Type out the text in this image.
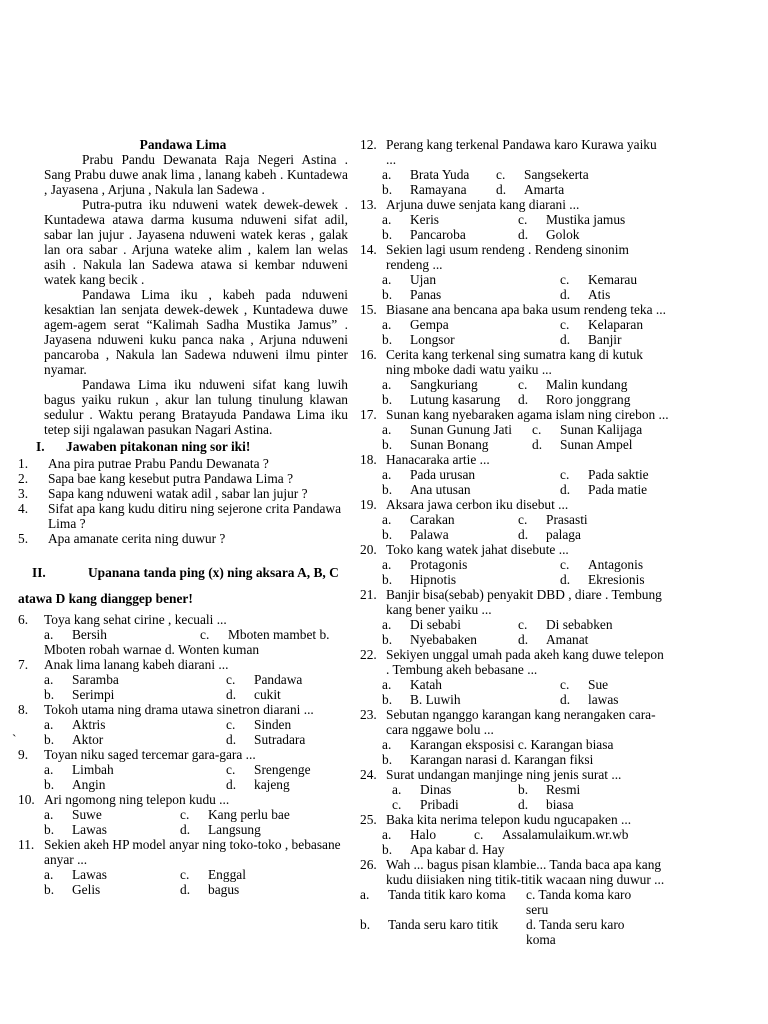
Pandawa Lima

Prabu Pandu Dewanata Raja Negeri Astina . Sang Prabu duwe anak lima , lanang kabeh . Kuntadewa , Jayasena , Arjuna , Nakula lan Sadewa .

Putra-putra iku nduweni watek dewek-dewek . Kuntadewa atawa darma kusuma nduweni sifat adil, sabar lan jujur . Jayasena nduweni watek keras , galak lan ora sabar . Arjuna wateke alim , kalem lan welas asih . Nakula lan Sadewa atawa si kembar nduweni watek kang becik .

Pandawa Lima iku , kabeh pada nduweni kesaktian lan senjata dewek-dewek , Kuntadewa duwe agem-agem serat “Kalimah Sadha Mustika Jamus” . Jayasena nduweni kuku panca naka , Arjuna nduweni pancaroba , Nakula lan Sadewa nduweni ilmu pinter nyamar.

Pandawa Lima iku nduweni sifat kang luwih bagus yaiku rukun , akur lan tulung tinulung klawan sedulur . Waktu perang Bratayuda Pandawa Lima iku tetep siji ngalawan pasukan Nagari Astina.

I. Jawaben pitakonan ning sor iki!
1. Ana pira putrae Prabu Pandu Dewanata ?
2. Sapa bae kang kesebut putra Pandawa Lima ?
3. Sapa kang nduweni watak adil , sabar lan jujur ?
4. Sifat apa kang kudu ditiru ning sejerone crita Pandawa Lima ?
5. Apa amanate cerita ning duwur ?
II.	Upanana tanda ping (x) ning aksara A, B, C atawa D kang dianggep bener!
6. Toya kang sehat cirine , kecuali ...
a. Bersih	c. Mboten mambet b.
Mboten robah warnae d. Wonten kuman
7. Anak lima lanang kabeh diarani ...
a. Saramba	c. Pandawa
b. Serimpi	d. cukit
8. Tokoh utama ning drama utawa sinetron diarani ...
a. Aktris	c. Sinden
b. Aktor	d. Sutradara
`
9. Toyan niku saged tercemar gara-gara ...
a. Limbah	c. Srengenge
b. Angin	d. kajeng
10. Ari ngomong ning telepon kudu ...
a. Suwe	c. Kang perlu bae
b. Lawas	d. Langsung
11. Sekien akeh HP model anyar ning toko-toko , bebasane anyar ...
a. Lawas	c. Enggal
b. Gelis	d. bagus
12. Perang kang terkenal Pandawa karo Kurawa yaiku ...
a. Brata Yuda c. Sangsekerta
b. Ramayana d. Amarta
13. Arjuna duwe senjata kang diarani ...
a. Keris	c. Mustika jamus
b. Pancaroba	d. Golok
14. Sekien lagi usum rendeng . Rendeng sinonim rendeng ...
a. Ujan	c. Kemarau
b. Panas	d. Atis
15. Biasane ana bencana apa baka usum rendeng teka ...
a. Gempa	c. Kelaparan
b. Longsor	d. Banjir
16. Cerita kang terkenal sing sumatra kang di kutuk ning mboke dadi watu yaiku ...
a. Sangkuriang	c. Malin kundang
b. Lutung kasarung d. Roro jonggrang
17. Sunan kang nyebaraken agama islam ning cirebon ...
a. Sunan Gunung Jati c. Sunan Kalijaga
b. Sunan Bonang	d. Sunan Ampel
18. Hanacaraka artie ...
a. Pada urusan	c. Pada saktie
b. Ana utusan	d. Pada matie
19. Aksara jawa cerbon iku disebut ...
a. Carakan	c. Prasasti
b. Palawa	d. palaga
20. Toko kang watek jahat disebute ...
a. Protagonis	c. Antagonis
b. Hipnotis	d. Ekresionis
21. Banjir bisa(sebab) penyakit DBD , diare . Tembung kang bener yaiku ...
a. Di sebabi	c. Di sebabken
b. Nyebabaken	d. Amanat
22. Sekiyen unggal umah pada akeh kang duwe telepon . Tembung akeh bebasane ...
a. Katah	c. Sue
b. B. Luwih	d. lawas
23. Sebutan nganggo karangan kang nerangaken cara-cara nggawe bolu ...
a. Karangan eksposisi c. Karangan biasa
b. Karangan narasi d. Karangan fiksi
24. Surat undangan manjinge ning jenis surat ...
a. Dinas	b. Resmi
c. Pribadi	d. biasa
25. Baka kita nerima telepon kudu ngucapaken ...
a. Halo	c. Assalamulaikum.wr.wb
b. Apa kabar d. Hay
26. Wah ... bagus pisan klambie... Tanda baca apa kang kudu diisiaken ning titik-titik wacaan ning duwur ...
a. Tanda titik karo koma c. Tanda koma karo seru
b. Tanda seru karo titik d. Tanda seru karo koma
